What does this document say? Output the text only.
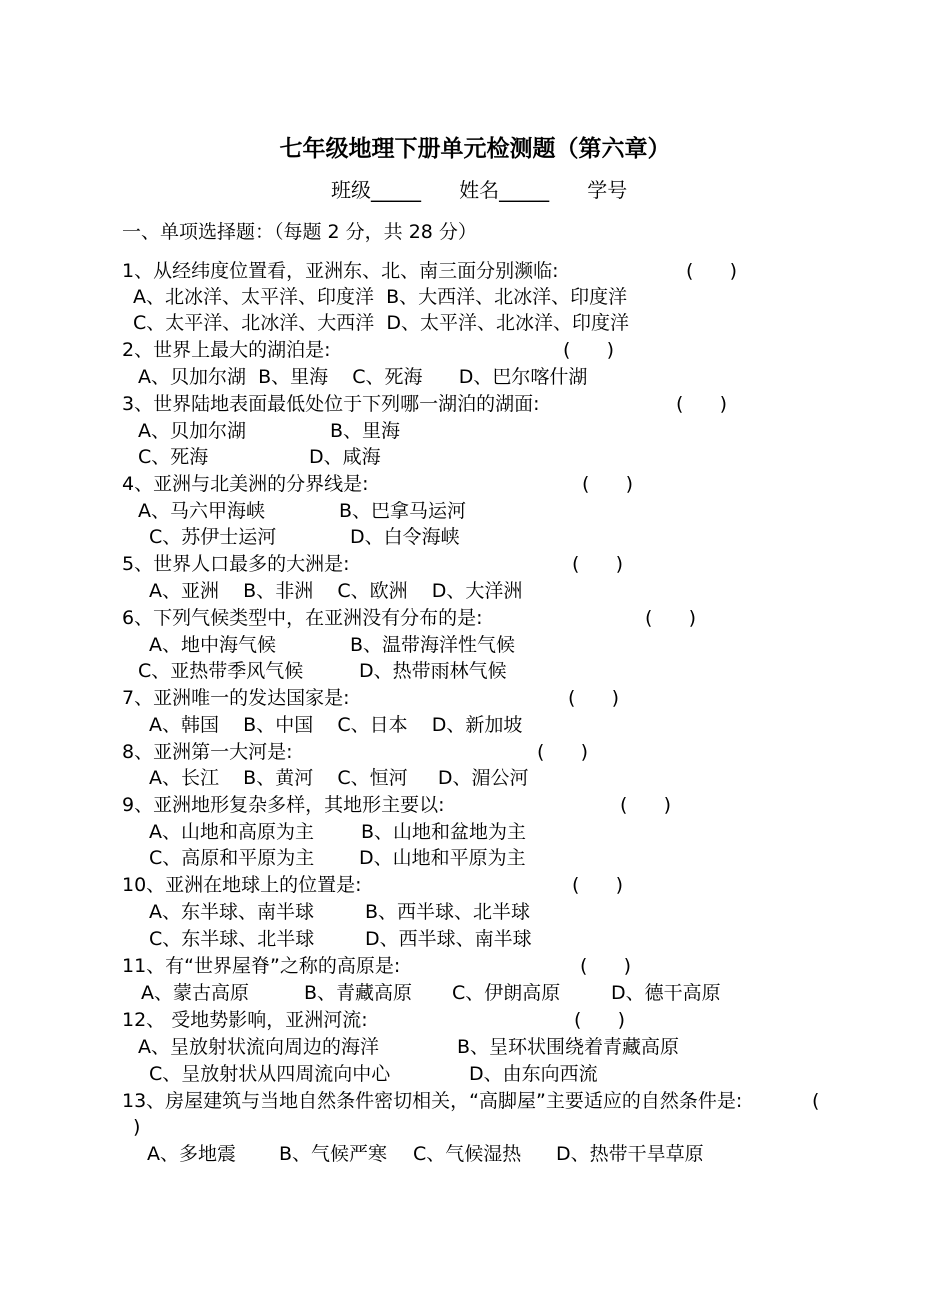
七年级地理下册单元检测题（第六章）
班级_____      姓名_____      学号
一、单项选择题：（每题 2 分，共 28 分）
1、从经纬度位置看，亚洲东、北、南三面分别濒临:	(      )
A、北冰洋、太平洋、印度洋  B、大西洋、北冰洋、印度洋
C、太平洋、北冰洋、大西洋  D、太平洋、北冰洋、印度洋
2、世界上最大的湖泊是:	(      )
A、贝加尔湖  B、里海    C、死海      D、巴尔喀什湖
3、世界陆地表面最低处位于下列哪一湖泊的湖面:	(      )
A、贝加尔湖	B、里海
C、死海	D、咸海
4、亚洲与北美洲的分界线是:	(      )
A、马六甲海峡	B、巴拿马运河
C、苏伊士运河	D、白令海峡
5、世界人口最多的大洲是:	(      )
A、亚洲    B、非洲    C、欧洲    D、大洋洲
6、下列气候类型中，在亚洲没有分布的是:	(      )
A、地中海气候	B、温带海洋性气候
C、亚热带季风气候	D、热带雨林气候
7、亚洲唯一的发达国家是:	(      )
A、韩国    B、中国    C、日本    D、新加坡
8、亚洲第一大河是:	(      )
A、长江    B、黄河    C、恒河     D、湄公河
9、亚洲地形复杂多样，其地形主要以:	(      )
A、山地和高原为主 B、山地和盆地为主
C、高原和平原为主 D、山地和平原为主
10、亚洲在地球上的位置是:	(      )
A、东半球、南半球	B、西半球、北半球
C、东半球、北半球	D、西半球、南半球
11、有“世界屋脊”之称的高原是:	(      )
A、蒙古高原	B、青藏高原 C、伊朗高原	D、德干高原
12、 受地势影响，亚洲河流:	(      )
A、呈放射状流向周边的海洋	B、呈环状围绕着青藏高原
C、呈放射状从四周流向中心	D、由东向西流
13、房屋建筑与当地自然条件密切相关，“高脚屋”主要适应的自然条件是:	(
)
A、多地震 B、气候严寒 C、气候湿热 D、热带干旱草原
